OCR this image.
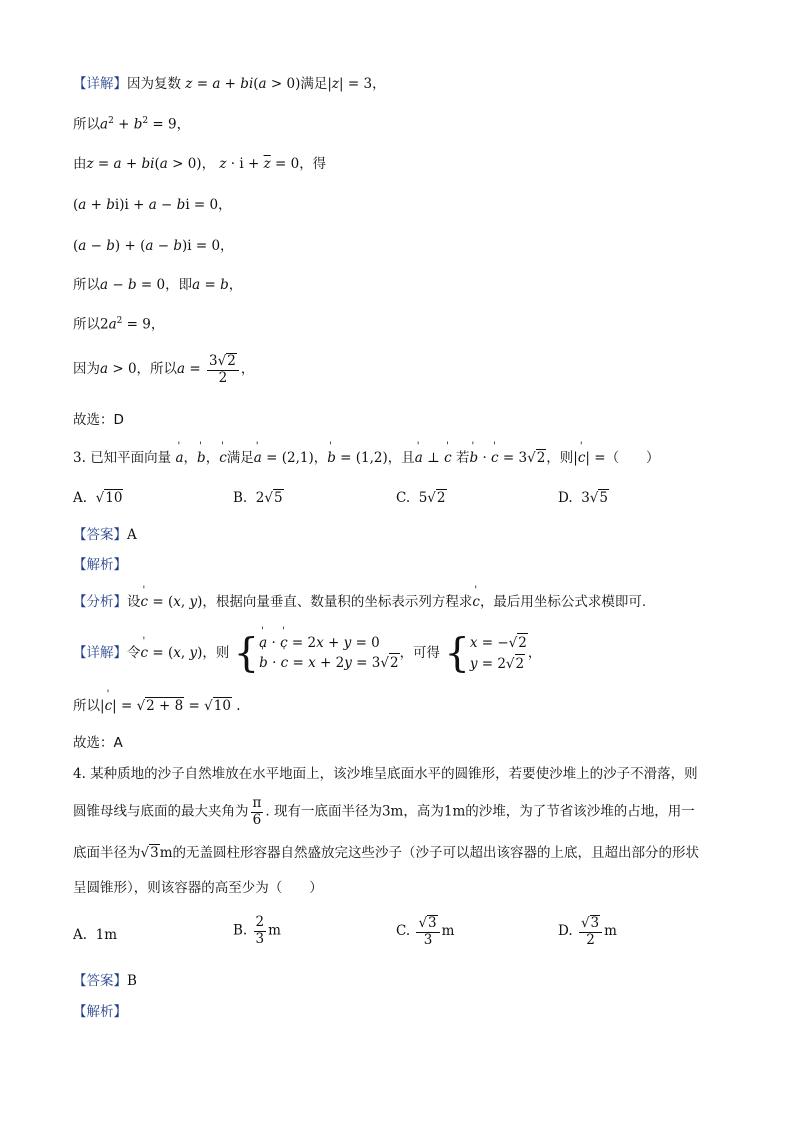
【详解】因为复数 z = a + bi(a > 0)满足|z| = 3，
所以$a^2 + b^2 = 9$，
由z = a + bi(a > 0)， $z \cdot i + \overline{z} = 0$，得
(a + bi)i + a − bi = 0，
(a − b) + (a − b)i = 0，
所以a − b = 0，即a = b，
所以$2a^2 = 9$，
因为a > 0，所以$a = \frac{3√2}{2}$ ，
故选：D
3. 已知平面向量 ' a，' b，' c满足' a = (2,1)，' b = (1,2)，且' a ⊥ ' c 若' b · ' c = 3√2，则|' c| =（　　）
A.  √10	B.  2√5	C.  5√2	D.  3√5
【答案】A
【解析】
【分析】设' c = (x, y)，根据向量垂直、数量积的坐标表示列方程求' c，最后用坐标公式求模即可.
【详解】令' c = (x, y)，则 {' a · ' c = 2x + y = 0
' b · ' c = x + 2y = 3√2，可得 {x = −√2
y = 2√2，
所以|' c| = √2 + 8 = √10 .
故选：A
4. 某种质地的沙子自然堆放在水平地面上，该沙堆呈底面水平的圆锥形，若要使沙堆上的沙子不滑落，则
圆锥母线与底面的最大夹角为 $\frac{\pi}{6}$ . 现有一底面半径为3m，高为1m的沙堆，为了节省该沙堆的占地，用一
底面半径为√3m的无盖圆柱形容器自然盛放完这些沙子（沙子可以超出该容器的上底，且超出部分的形状
呈圆锥形），则该容器的高至少为（　　）
A.  1m	B. $\frac{2}{3}$ m	C. $\frac{√3}{3}$ m	D. $\frac{√3}{2}$ m
【答案】B
【解析】
